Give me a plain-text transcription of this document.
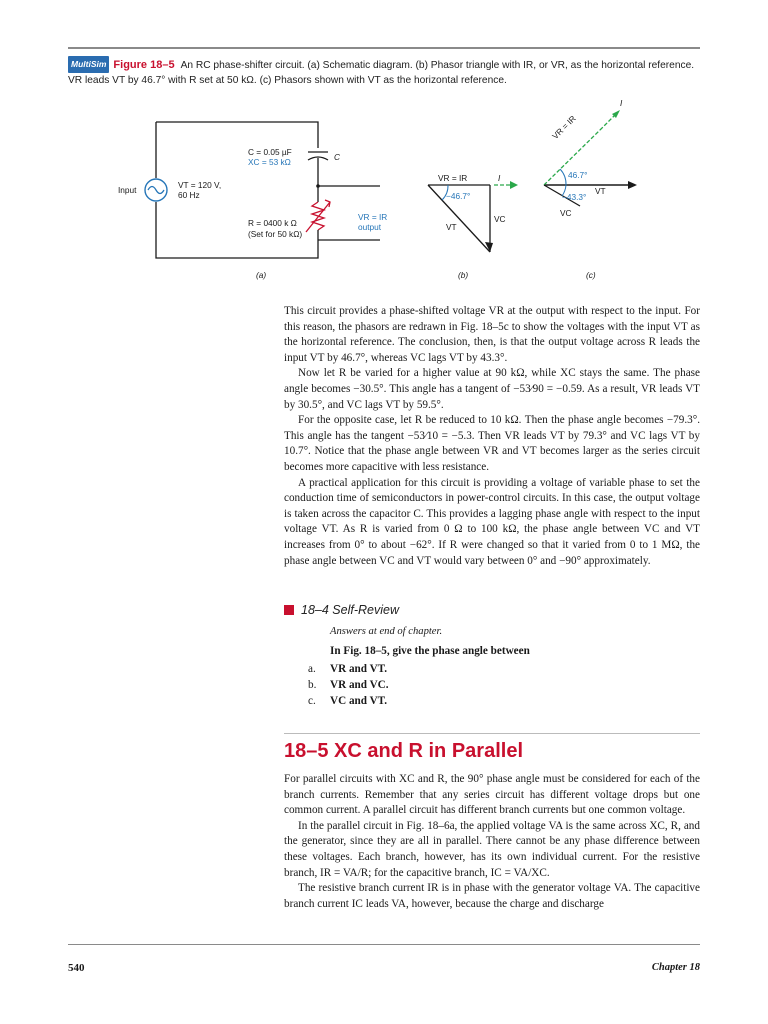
MultiSim Figure 18–5 An RC phase-shifter circuit. (a) Schematic diagram. (b) Phasor triangle with IR, or VR, as the horizontal reference. VR leads VT by 46.7° with R set at 50 kΩ. (c) Phasors shown with VT as the horizontal reference.
C = 0.05 µF
XC = 53 kΩ	C
Input	VT = 120 V,
60 Hz
R = 0400 k Ω
(Set for 50 kΩ)
VR = IR
output
VR = IR	I
−46.7°
VC
VT
I
VR = IR
46.7°
VT
−43.3°
VC
(a)	(b)	(c)

This circuit provides a phase-shifted voltage VR at the output with respect to the input. For this reason, the phasors are redrawn in Fig. 18–5c to show the voltages with the input VT as the horizontal reference. The conclusion, then, is that the output voltage across R leads the input VT by 46.7°, whereas VC lags VT by 43.3°.

Now let R be varied for a higher value at 90 kΩ, while XC stays the same. The phase angle becomes −30.5°. This angle has a tangent of −53⁄90 = −0.59. As a result, VR leads VT by 30.5°, and VC lags VT by 59.5°.

For the opposite case, let R be reduced to 10 kΩ. Then the phase angle becomes −79.3°. This angle has the tangent −53⁄10 = −5.3. Then VR leads VT by 79.3° and VC lags VT by 10.7°. Notice that the phase angle between VR and VT becomes larger as the series circuit becomes more capacitive with less resistance.

A practical application for this circuit is providing a voltage of variable phase to set the conduction time of semiconductors in power-control circuits. In this case, the output voltage is taken across the capacitor C. This provides a lagging phase angle with respect to the input voltage VT. As R is varied from 0 Ω to 100 kΩ, the phase angle between VC and VT increases from 0° to about −62°. If R were changed so that it varied from 0 to 1 MΩ, the phase angle between VC and VT would vary between 0° and −90° approximately.

18–4 Self-Review
Answers at end of chapter.
In Fig. 18–5, give the phase angle between
a. VR and VT.
b. VR and VC.
c. VC and VT.
18–5 XC and R in Parallel

For parallel circuits with XC and R, the 90° phase angle must be considered for each of the branch currents. Remember that any series circuit has different voltage drops but one common current. A parallel circuit has different branch currents but one common voltage.

In the parallel circuit in Fig. 18–6a, the applied voltage VA is the same across XC, R, and the generator, since they are all in parallel. There cannot be any phase difference between these voltages. Each branch, however, has its own individual current. For the resistive branch, IR = VA/R; for the capacitive branch, IC = VA/XC.

The resistive branch current IR is in phase with the generator voltage VA. The capacitive branch current IC leads VA, however, because the charge and discharge

540	Chapter 18
